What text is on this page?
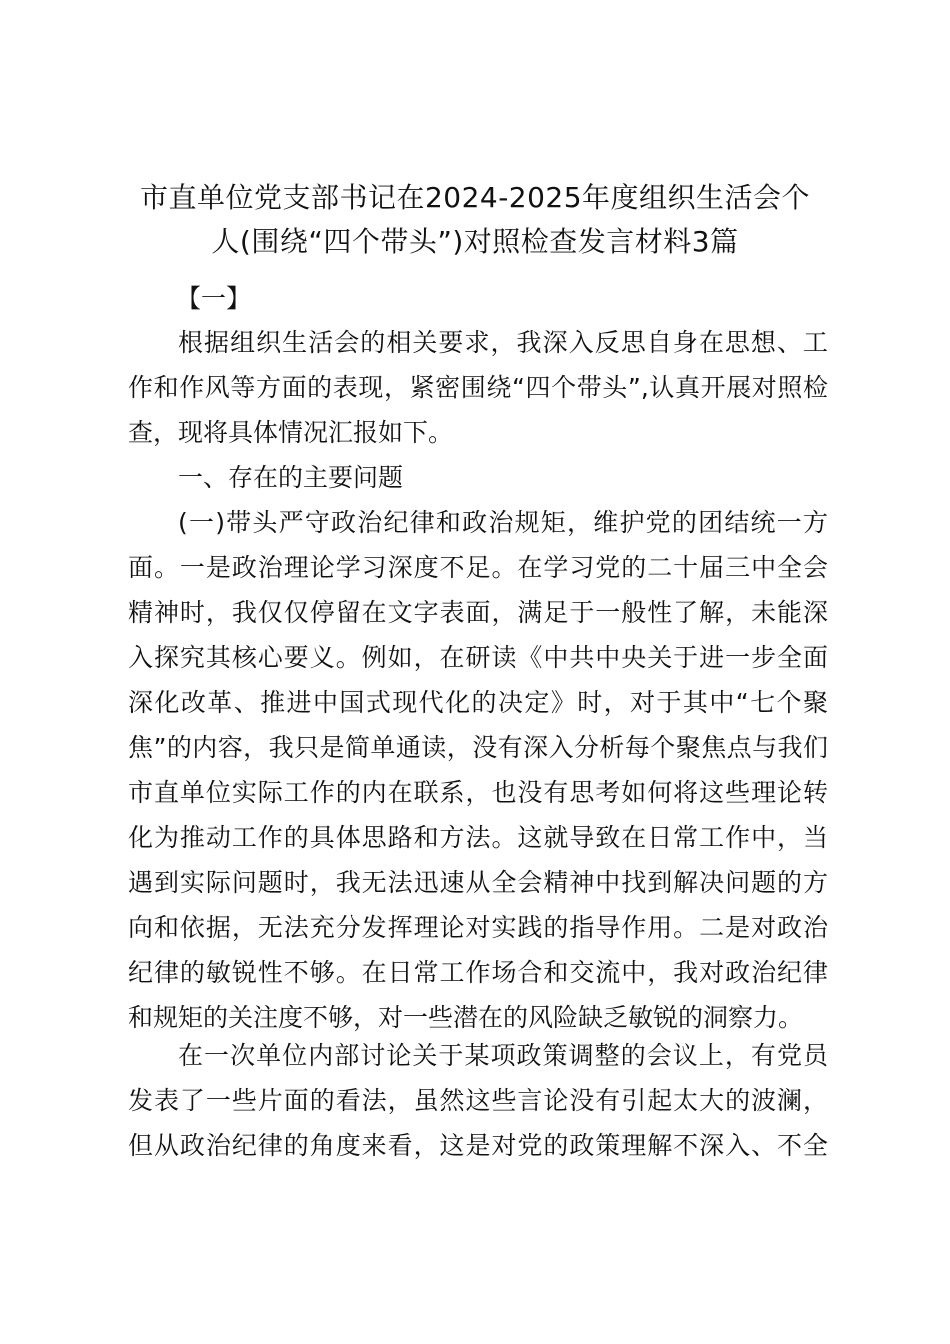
市直单位党支部书记在2024-2025年度组织生活会个
人(围绕“四个带头”)对照检查发言材料3篇
【一】
根据组织生活会的相关要求，我深入反思自身在思想、工
作和作风等方面的表现，紧密围绕“四个带头”,认真开展对照检
查，现将具体情况汇报如下。
一、存在的主要问题
(一)带头严守政治纪律和政治规矩，维护党的团结统一方
面。一是政治理论学习深度不足。在学习党的二十届三中全会
精神时，我仅仅停留在文字表面，满足于一般性了解，未能深
入探究其核心要义。例如，在研读《中共中央关于进一步全面
深化改革、推进中国式现代化的决定》时，对于其中“七个聚
焦”的内容，我只是简单通读，没有深入分析每个聚焦点与我们
市直单位实际工作的内在联系，也没有思考如何将这些理论转
化为推动工作的具体思路和方法。这就导致在日常工作中，当
遇到实际问题时，我无法迅速从全会精神中找到解决问题的方
向和依据，无法充分发挥理论对实践的指导作用。二是对政治
纪律的敏锐性不够。在日常工作场合和交流中，我对政治纪律
和规矩的关注度不够，对一些潜在的风险缺乏敏锐的洞察力。
在一次单位内部讨论关于某项政策调整的会议上，有党员
发表了一些片面的看法，虽然这些言论没有引起太大的波澜，
但从政治纪律的角度来看，这是对党的政策理解不深入、不全
